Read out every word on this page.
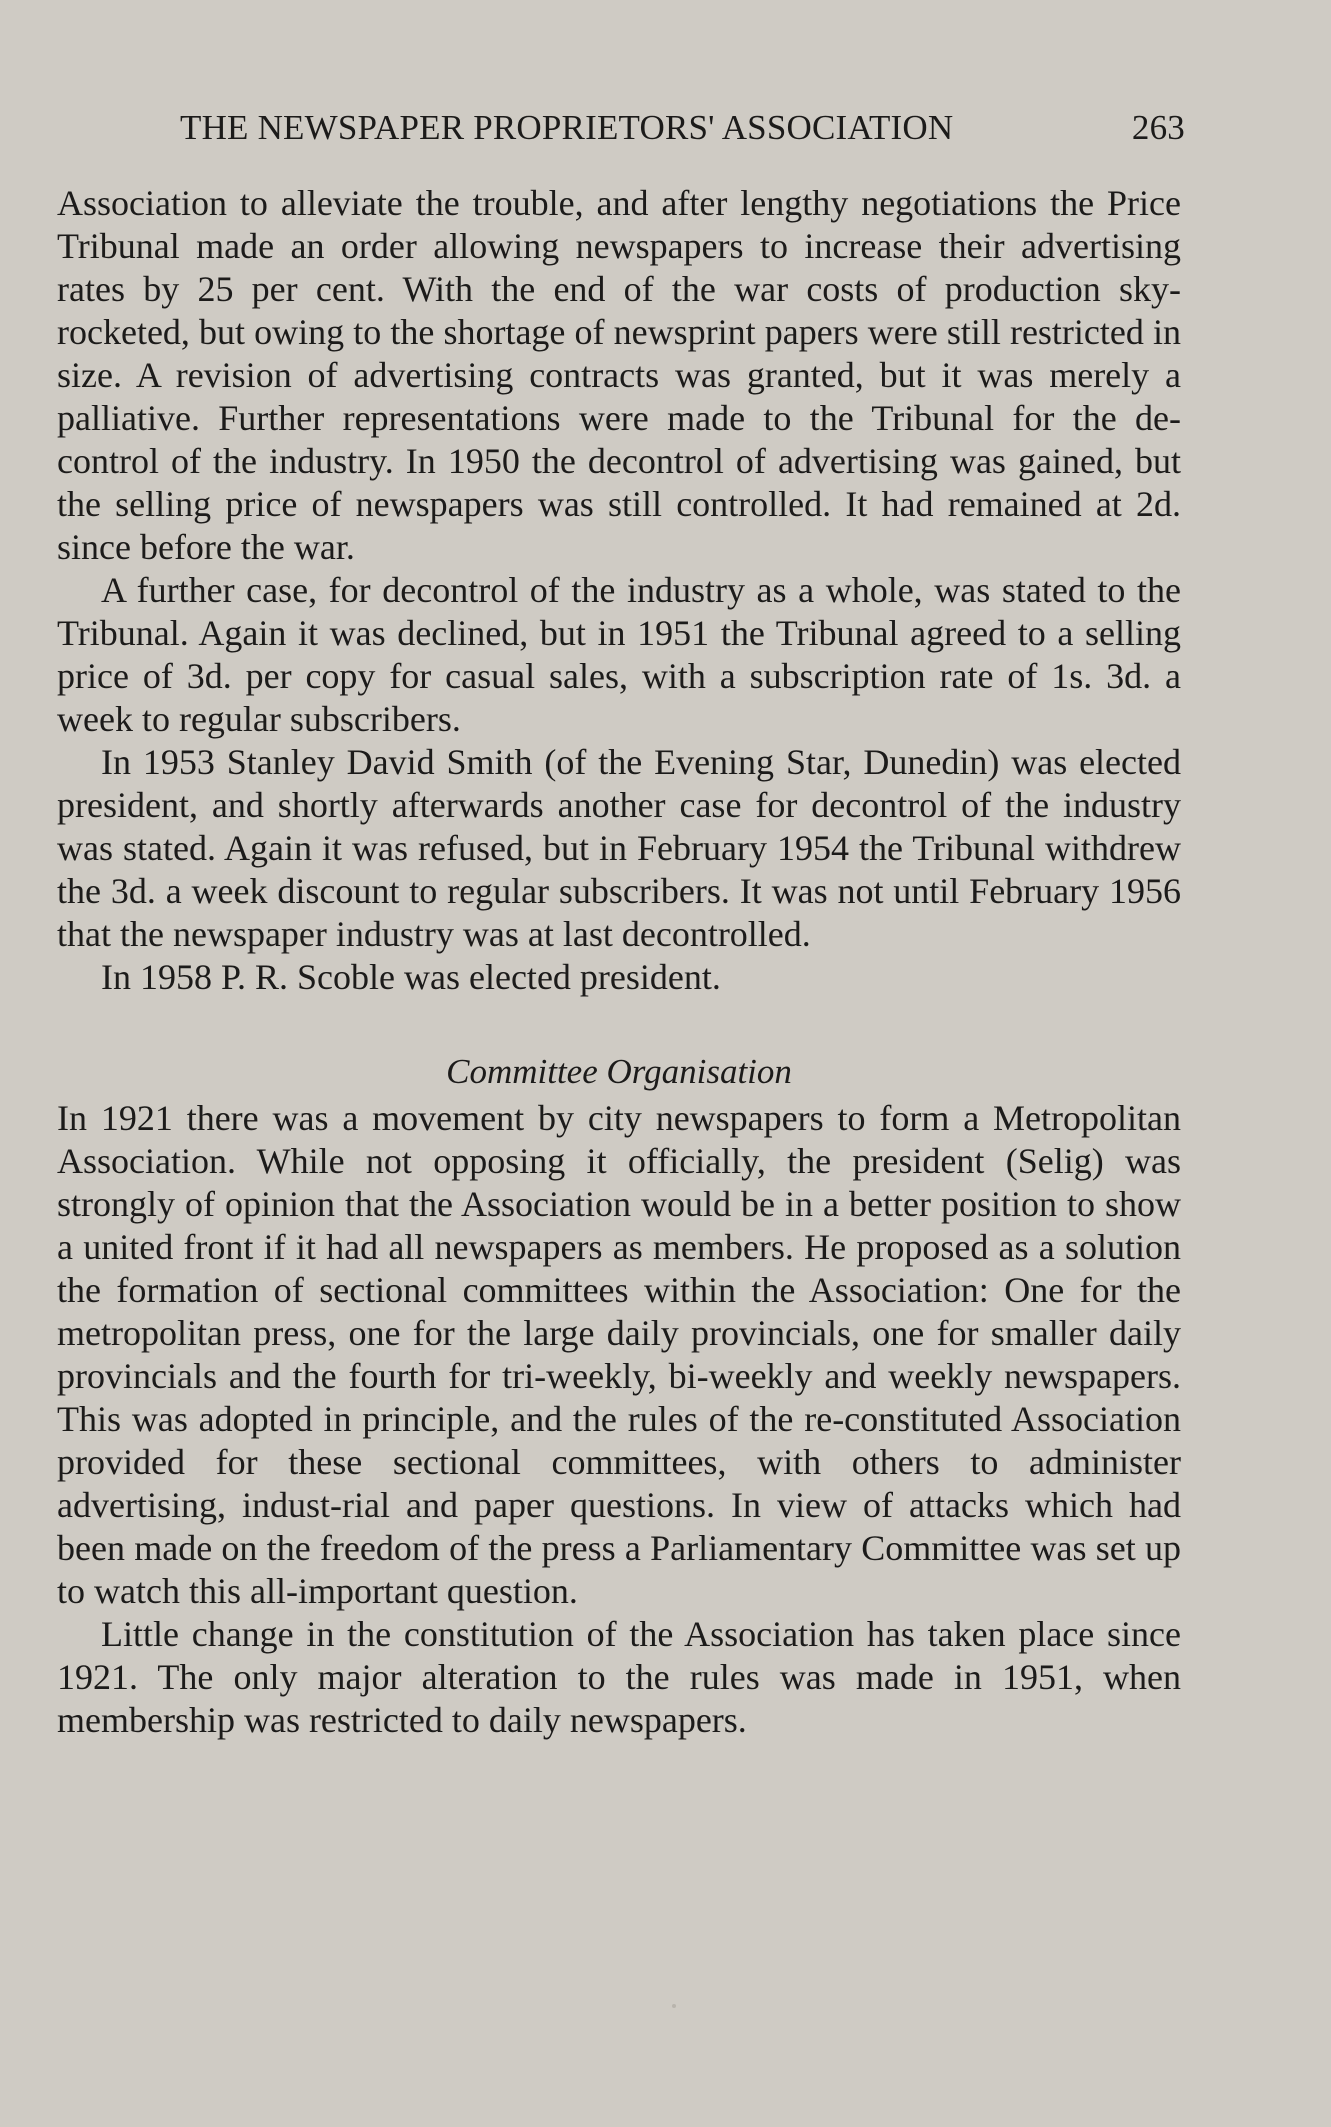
THE NEWSPAPER PROPRIETORS' ASSOCIATION	263

Association to alleviate the trouble, and after lengthy negotiations the Price Tribunal made an order allowing newspapers to increase their advertising rates by 25 per cent. With the end of the war costs of production sky-rocketed, but owing to the shortage of newsprint papers were still restricted in size. A revision of advertising contracts was granted, but it was merely a palliative. Further representations were made to the Tribunal for the de-control of the industry. In 1950 the decontrol of advertising was gained, but the selling price of newspapers was still controlled. It had remained at 2d. since before the war.

A further case, for decontrol of the industry as a whole, was stated to the Tribunal. Again it was declined, but in 1951 the Tribunal agreed to a selling price of 3d. per copy for casual sales, with a subscription rate of 1s. 3d. a week to regular subscribers.

In 1953 Stanley David Smith (of the Evening Star, Dunedin) was elected president, and shortly afterwards another case for decontrol of the industry was stated. Again it was refused, but in February 1954 the Tribunal withdrew the 3d. a week discount to regular subscribers. It was not until February 1956 that the newspaper industry was at last decontrolled.

In 1958 P. R. Scoble was elected president.

Committee Organisation

In 1921 there was a movement by city newspapers to form a Metropolitan Association. While not opposing it officially, the president (Selig) was strongly of opinion that the Association would be in a better position to show a united front if it had all newspapers as members. He proposed as a solution the formation of sectional committees within the Association: One for the metropolitan press, one for the large daily provincials, one for smaller daily provincials and the fourth for tri-weekly, bi-weekly and weekly newspapers. This was adopted in principle, and the rules of the re-constituted Association provided for these sectional committees, with others to administer advertising, indust-rial and paper questions. In view of attacks which had been made on the freedom of the press a Parliamentary Committee was set up to watch this all-important question.

Little change in the constitution of the Association has taken place since 1921. The only major alteration to the rules was made in 1951, when membership was restricted to daily newspapers.
